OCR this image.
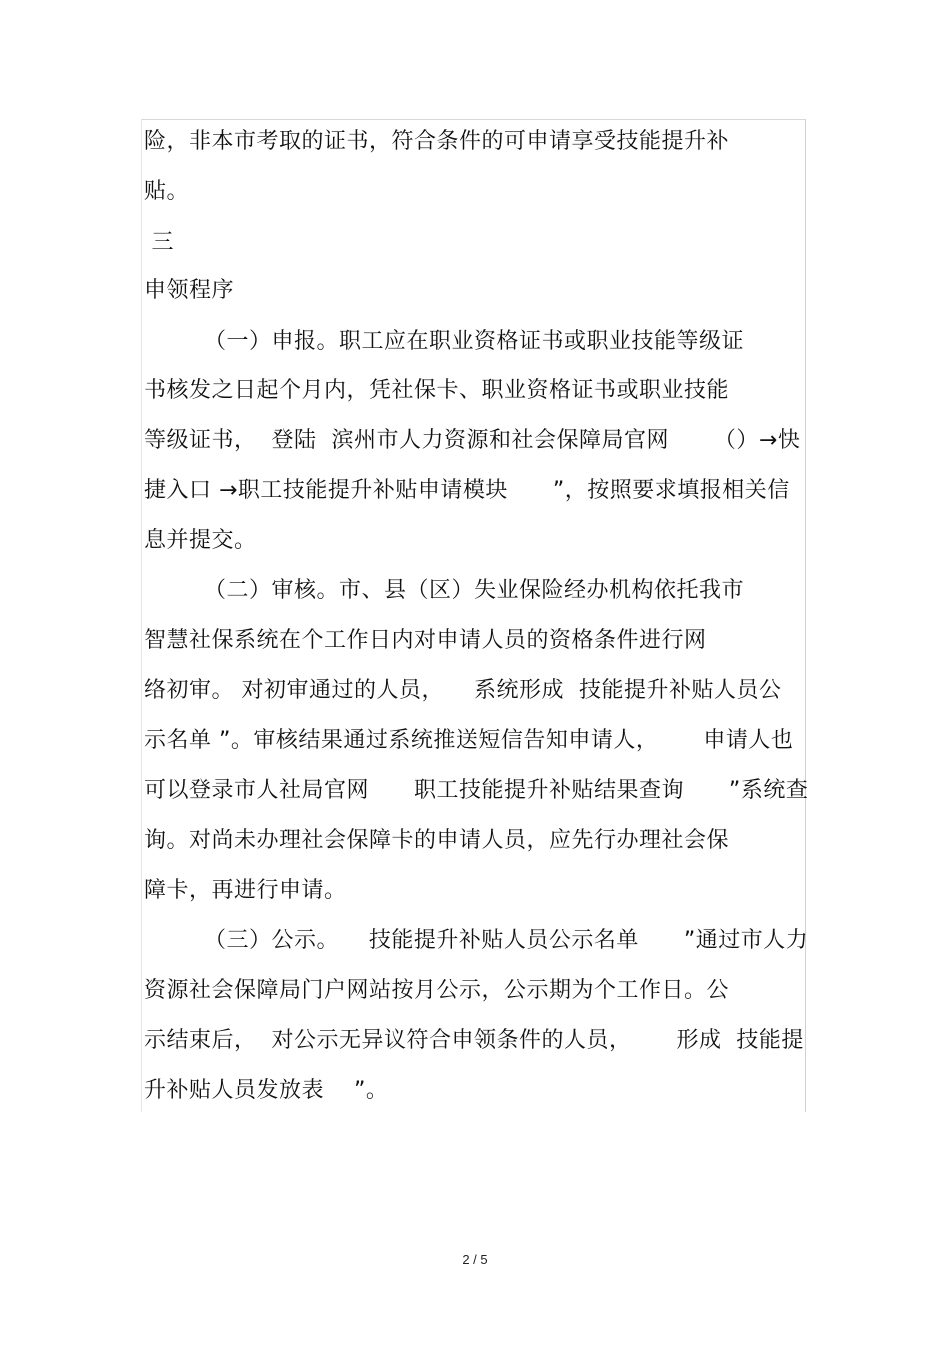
险，非本市考取的证书，符合条件的可申请享受技能提升补
贴。
三
申领程序
（一）申报。职工应在职业资格证书或职业技能等级证
书核发之日起个月内，凭社保卡、职业资格证书或职业技能
等级证书，  登陆  滨州市人力资源和社会保障局官网      （）→快
捷入口 →职工技能提升补贴申请模块      ”，按照要求填报相关信
息并提交。
（二）审核。市、县（区）失业保险经办机构依托我市
智慧社保系统在个工作日内对申请人员的资格条件进行网
络初审。 对初审通过的人员，    系统形成  技能提升补贴人员公
示名单 ”。审核结果通过系统推送短信告知申请人，      申请人也
可以登录市人社局官网      职工技能提升补贴结果查询      ”系统查
询。对尚未办理社会保障卡的申请人员，应先行办理社会保
障卡，再进行申请。
（三）公示。    技能提升补贴人员公示名单      ”通过市人力
资源社会保障局门户网站按月公示，公示期为个工作日。公
示结束后，  对公示无异议符合申领条件的人员，      形成  技能提
升补贴人员发放表    ”。
2 / 5
